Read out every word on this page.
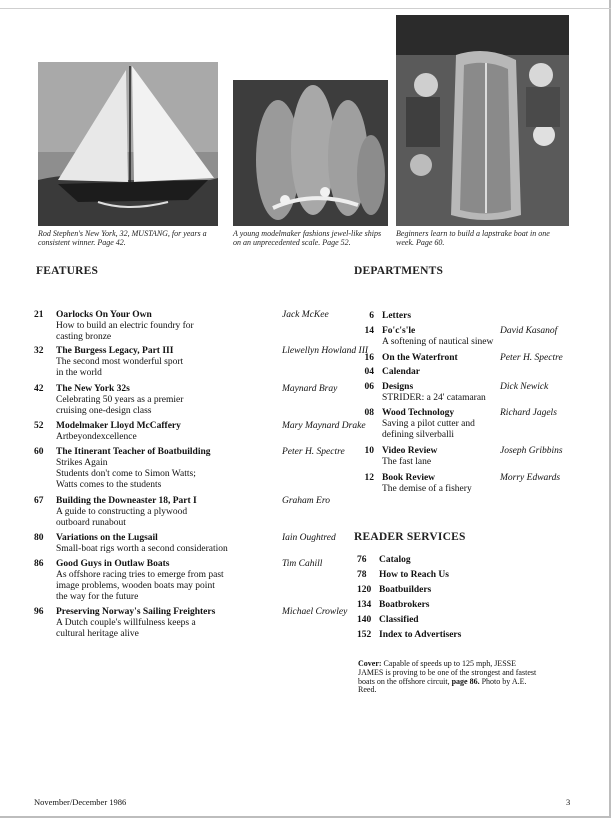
Rod Stephen's New York, 32, MUSTANG, for years a consistent winner. Page 42.
A young modelmaker fashions jewel-like ships on an unprecedented scale. Page 52.
Beginners learn to build a lapstrake boat in one week. Page 60.
FEATURES	DEPARTMENTS
READER SERVICES
21 Oarlocks On Your Own	Jack McKee
How to build an electric foundry for
casting bronze
32 The Burgess Legacy, Part III	Llewellyn Howland III
The second most wonderful sport
in the world
42 The New York 32s	Maynard Bray
Celebrating 50 years as a premier
cruising one-design class
52 Modelmaker Lloyd McCaffery	Mary Maynard Drake
Artbeyondexcellence
60 The Itinerant Teacher of Boatbuilding	Peter H. Spectre
Strikes Again
Students don't come to Simon Watts;
Watts comes to the students
67 Building the Downeaster 18, Part I	Graham Ero
A guide to constructing a plywood
outboard runabout
80 Variations on the Lugsail	Iain Oughtred
Small-boat rigs worth a second consideration
86 Good Guys in Outlaw Boats	Tim Cahill
As offshore racing tries to emerge from past
image problems, wooden boats may point
the way for the future
96 Preserving Norway's Sailing Freighters	Michael Crowley
A Dutch couple's willfulness keeps a
cultural heritage alive
6 Letters
14 Fo'c's'le	David Kasanof
A softening of nautical sinew
16 On the Waterfront	Peter H. Spectre
04 Calendar
06 Designs	Dick Newick
STRIDER: a 24' catamaran
08 Wood Technology	Richard Jagels
Saving a pilot cutter and
defining silverballi
10 Video Review	Joseph Gribbins
The fast lane
12 Book Review	Morry Edwards
The demise of a fishery
76 Catalog
78 How to Reach Us
120 Boatbuilders
134 Boatbrokers
140 Classified
152 Index to Advertisers
Cover: Capable of speeds up to 125 mph, JESSE JAMES is proving to be one of the strongest and fastest boats on the offshore circuit, page 86. Photo by A.E. Reed.
November/December 1986	3
